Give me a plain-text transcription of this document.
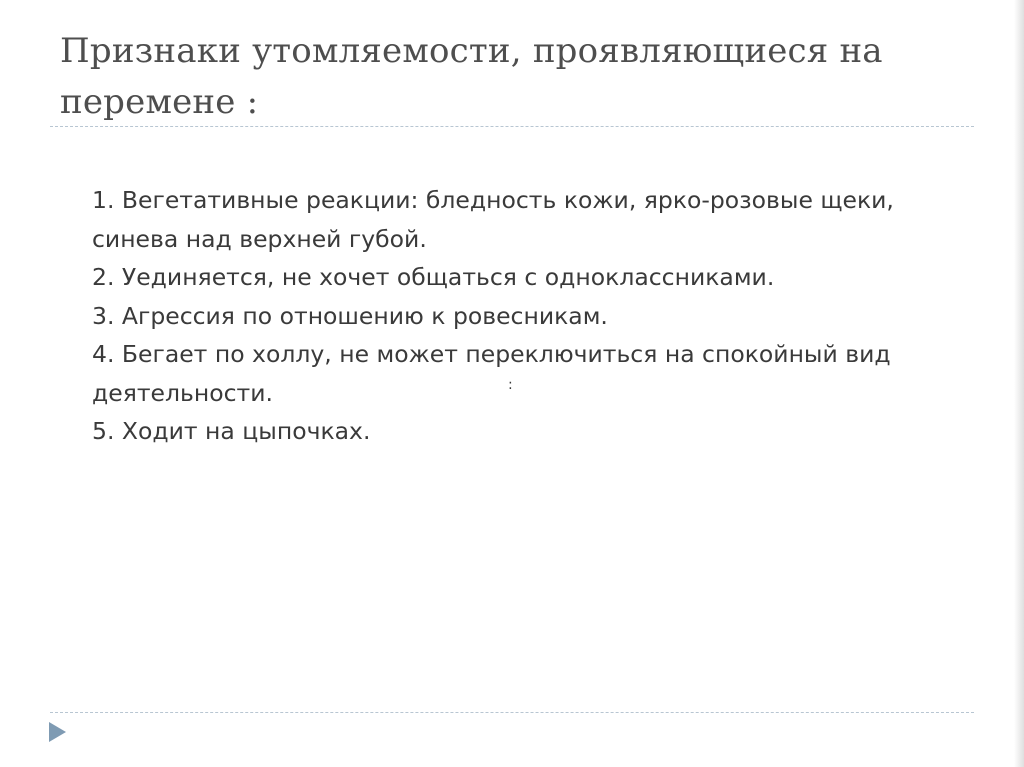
Признаки утомляемости, проявляющиеся на перемене :
1. Вегетативные реакции: бледность кожи, ярко-розовые щеки, синева над верхней губой.
2. Уединяется, не хочет общаться с одноклассниками.
3. Агрессия по отношению к ровесникам.
4. Бегает по холлу, не может переключиться на спокойный вид деятельности.
5. Ходит на цыпочках.
:
